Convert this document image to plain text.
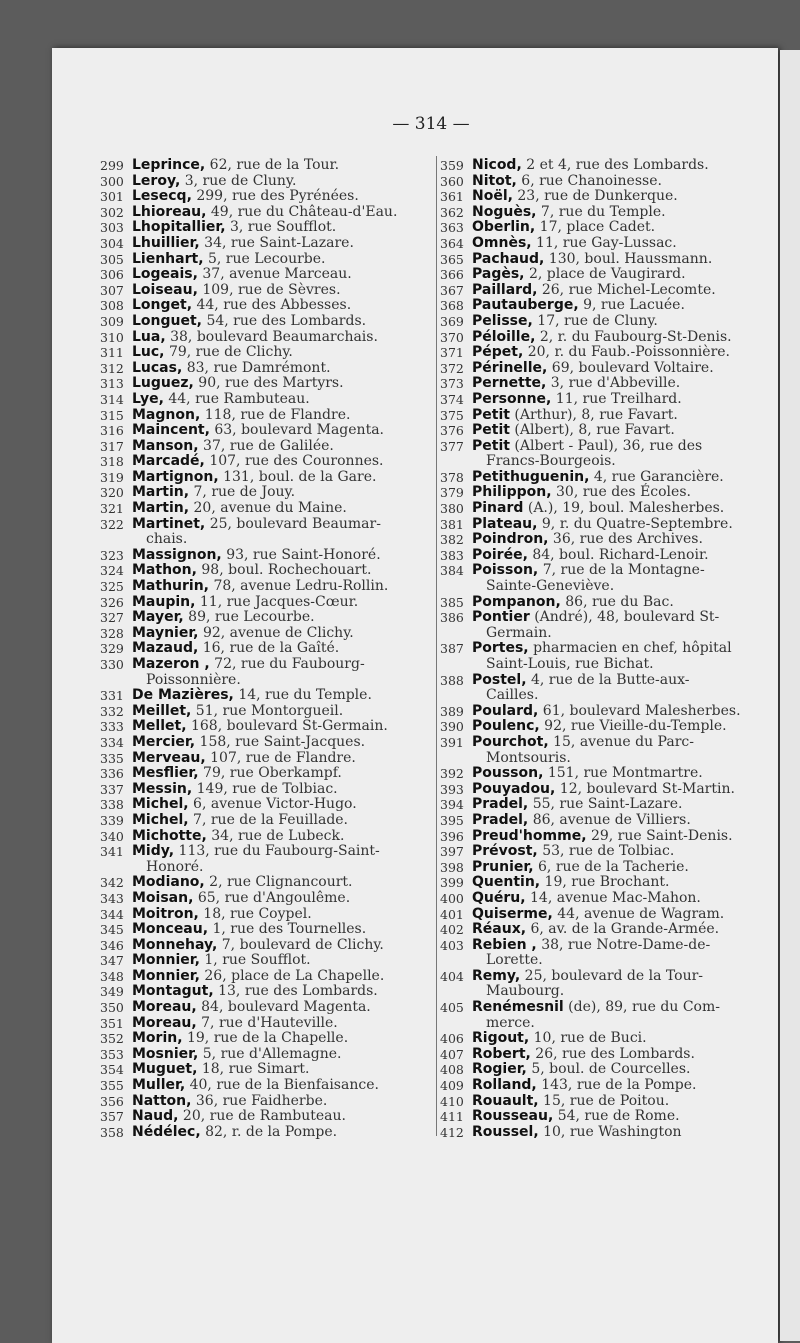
— 314 —
299 Leprince, 62, rue de la Tour.
300 Leroy, 3, rue de Cluny.
301 Lesecq, 299, rue des Pyrénées.
302 Lhioreau, 49, rue du Château-d'Eau.
303 Lhopitallier, 3, rue Soufflot.
304 Lhuillier, 34, rue Saint-Lazare.
305 Lienhart, 5, rue Lecourbe.
306 Logeais, 37, avenue Marceau.
307 Loiseau, 109, rue de Sèvres.
308 Longet, 44, rue des Abbesses.
309 Longuet, 54, rue des Lombards.
310 Lua, 38, boulevard Beaumarchais.
311 Luc, 79, rue de Clichy.
312 Lucas, 83, rue Damrémont.
313 Luguez, 90, rue des Martyrs.
314 Lye, 44, rue Rambuteau.
315 Magnon, 118, rue de Flandre.
316 Maincent, 63, boulevard Magenta.
317 Manson, 37, rue de Galilée.
318 Marcadé, 107, rue des Couronnes.
319 Martignon, 131, boul. de la Gare.
320 Martin, 7, rue de Jouy.
321 Martin, 20, avenue du Maine.
322 Martinet, 25, boulevard Beaumar-
chais.
323 Massignon, 93, rue Saint-Honoré.
324 Mathon, 98, boul. Rochechouart.
325 Mathurin, 78, avenue Ledru-Rollin.
326 Maupin, 11, rue Jacques-Cœur.
327 Mayer, 89, rue Lecourbe.
328 Maynier, 92, avenue de Clichy.
329 Mazaud, 16, rue de la Gaîté.
330 Mazeron , 72, rue du Faubourg-
Poissonnière.
331 De Mazières, 14, rue du Temple.
332 Meillet, 51, rue Montorgueil.
333 Mellet, 168, boulevard St-Germain.
334 Mercier, 158, rue Saint-Jacques.
335 Merveau, 107, rue de Flandre.
336 Mesflier, 79, rue Oberkampf.
337 Messin, 149, rue de Tolbiac.
338 Michel, 6, avenue Victor-Hugo.
339 Michel, 7, rue de la Feuillade.
340 Michotte, 34, rue de Lubeck.
341 Midy, 113, rue du Faubourg-Saint-
Honoré.
342 Modiano, 2, rue Clignancourt.
343 Moisan, 65, rue d'Angoulême.
344 Moitron, 18, rue Coypel.
345 Monceau, 1, rue des Tournelles.
346 Monnehay, 7, boulevard de Clichy.
347 Monnier, 1, rue Soufflot.
348 Monnier, 26, place de La Chapelle.
349 Montagut, 13, rue des Lombards.
350 Moreau, 84, boulevard Magenta.
351 Moreau, 7, rue d'Hauteville.
352 Morin, 19, rue de la Chapelle.
353 Mosnier, 5, rue d'Allemagne.
354 Muguet, 18, rue Simart.
355 Muller, 40, rue de la Bienfaisance.
356 Natton, 36, rue Faidherbe.
357 Naud, 20, rue de Rambuteau.
358 Nédélec, 82, r. de la Pompe.
359 Nicod, 2 et 4, rue des Lombards.
360 Nitot, 6, rue Chanoinesse.
361 Noël, 23, rue de Dunkerque.
362 Noguès, 7, rue du Temple.
363 Oberlin, 17, place Cadet.
364 Omnès, 11, rue Gay-Lussac.
365 Pachaud, 130, boul. Haussmann.
366 Pagès, 2, place de Vaugirard.
367 Paillard, 26, rue Michel-Lecomte.
368 Pautauberge, 9, rue Lacuée.
369 Pelisse, 17, rue de Cluny.
370 Péloille, 2, r. du Faubourg-St-Denis.
371 Pépet, 20, r. du Faub.-Poissonnière.
372 Périnelle, 69, boulevard Voltaire.
373 Pernette, 3, rue d'Abbeville.
374 Personne, 11, rue Treilhard.
375 Petit (Arthur), 8, rue Favart.
376 Petit (Albert), 8, rue Favart.
377 Petit (Albert - Paul), 36, rue des
Francs-Bourgeois.
378 Petithuguenin, 4, rue Garancière.
379 Philippon, 30, rue des Écoles.
380 Pinard (A.), 19, boul. Malesherbes.
381 Plateau, 9, r. du Quatre-Septembre.
382 Poindron, 36, rue des Archives.
383 Poirée, 84, boul. Richard-Lenoir.
384 Poisson, 7, rue de la Montagne-
Sainte-Geneviève.
385 Pompanon, 86, rue du Bac.
386 Pontier (André), 48, boulevard St-
Germain.
387 Portes, pharmacien en chef, hôpital
Saint-Louis, rue Bichat.
388 Postel, 4, rue de la Butte-aux-
Cailles.
389 Poulard, 61, boulevard Malesherbes.
390 Poulenc, 92, rue Vieille-du-Temple.
391 Pourchot, 15, avenue du Parc-
Montsouris.
392 Pousson, 151, rue Montmartre.
393 Pouyadou, 12, boulevard St-Martin.
394 Pradel, 55, rue Saint-Lazare.
395 Pradel, 86, avenue de Villiers.
396 Preud'homme, 29, rue Saint-Denis.
397 Prévost, 53, rue de Tolbiac.
398 Prunier, 6, rue de la Tacherie.
399 Quentin, 19, rue Brochant.
400 Quéru, 14, avenue Mac-Mahon.
401 Quiserme, 44, avenue de Wagram.
402 Réaux, 6, av. de la Grande-Armée.
403 Rebien , 38, rue Notre-Dame-de-
Lorette.
404 Remy, 25, boulevard de la Tour-
Maubourg.
405 Renémesnil (de), 89, rue du Com-
merce.
406 Rigout, 10, rue de Buci.
407 Robert, 26, rue des Lombards.
408 Rogier, 5, boul. de Courcelles.
409 Rolland, 143, rue de la Pompe.
410 Rouault, 15, rue de Poitou.
411 Rousseau, 54, rue de Rome.
412 Roussel, 10, rue Washington
